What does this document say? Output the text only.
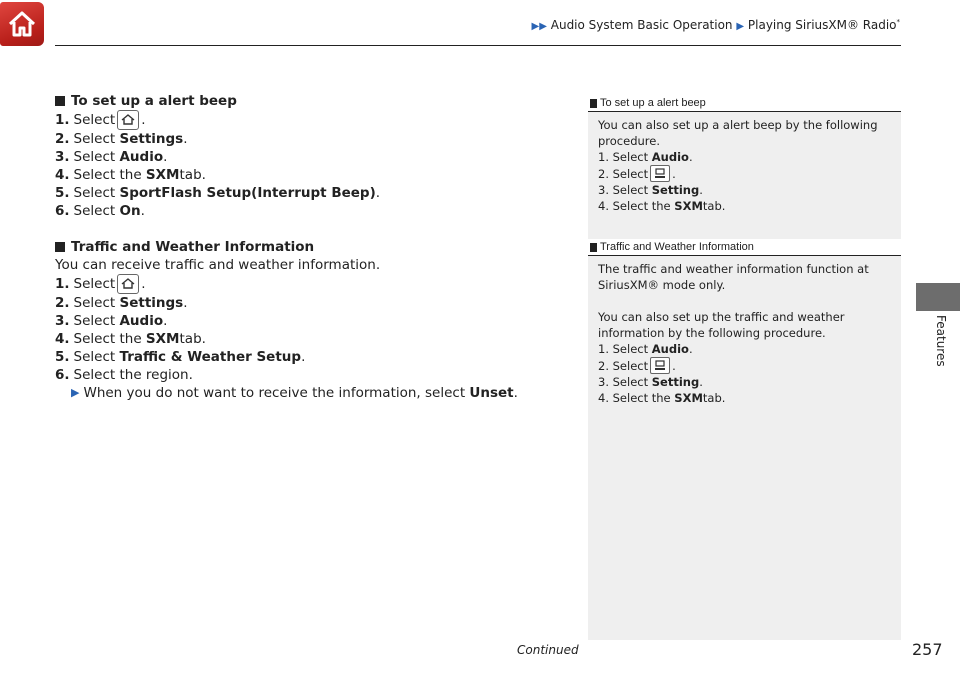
▶▶ Audio System Basic Operation ▶ Playing SiriusXM® Radio*
Features
To set up a alert beep
1. Select .
2. Select
Settings .
3. Select
Audio .
4. Select the
SXM tab.
5. Select
SportFlash Setup(Interrupt Beep) .
6. Select
On .
Traffic and Weather Information
You can receive traffic and weather information.
1. Select .
2. Select
Settings .
3. Select
Audio .
4. Select the
SXM tab.
5. Select
Traffic & Weather Setup .
6. Select the region.
▶ When you do not want to receive the information, select
Unset .
To set up a alert beep
You can also set up a alert beep by the following
procedure.
1. Select
Audio .
2. Select .
3. Select
Setting .
4. Select the
SXM tab.
Traffic and Weather Information
The traffic and weather information function at
SiriusXM® mode only.
You can also set up the traffic and weather
information by the following procedure.
1. Select
Audio .
2. Select .
3. Select
Setting .
4. Select the
SXM tab.
Continued	257
